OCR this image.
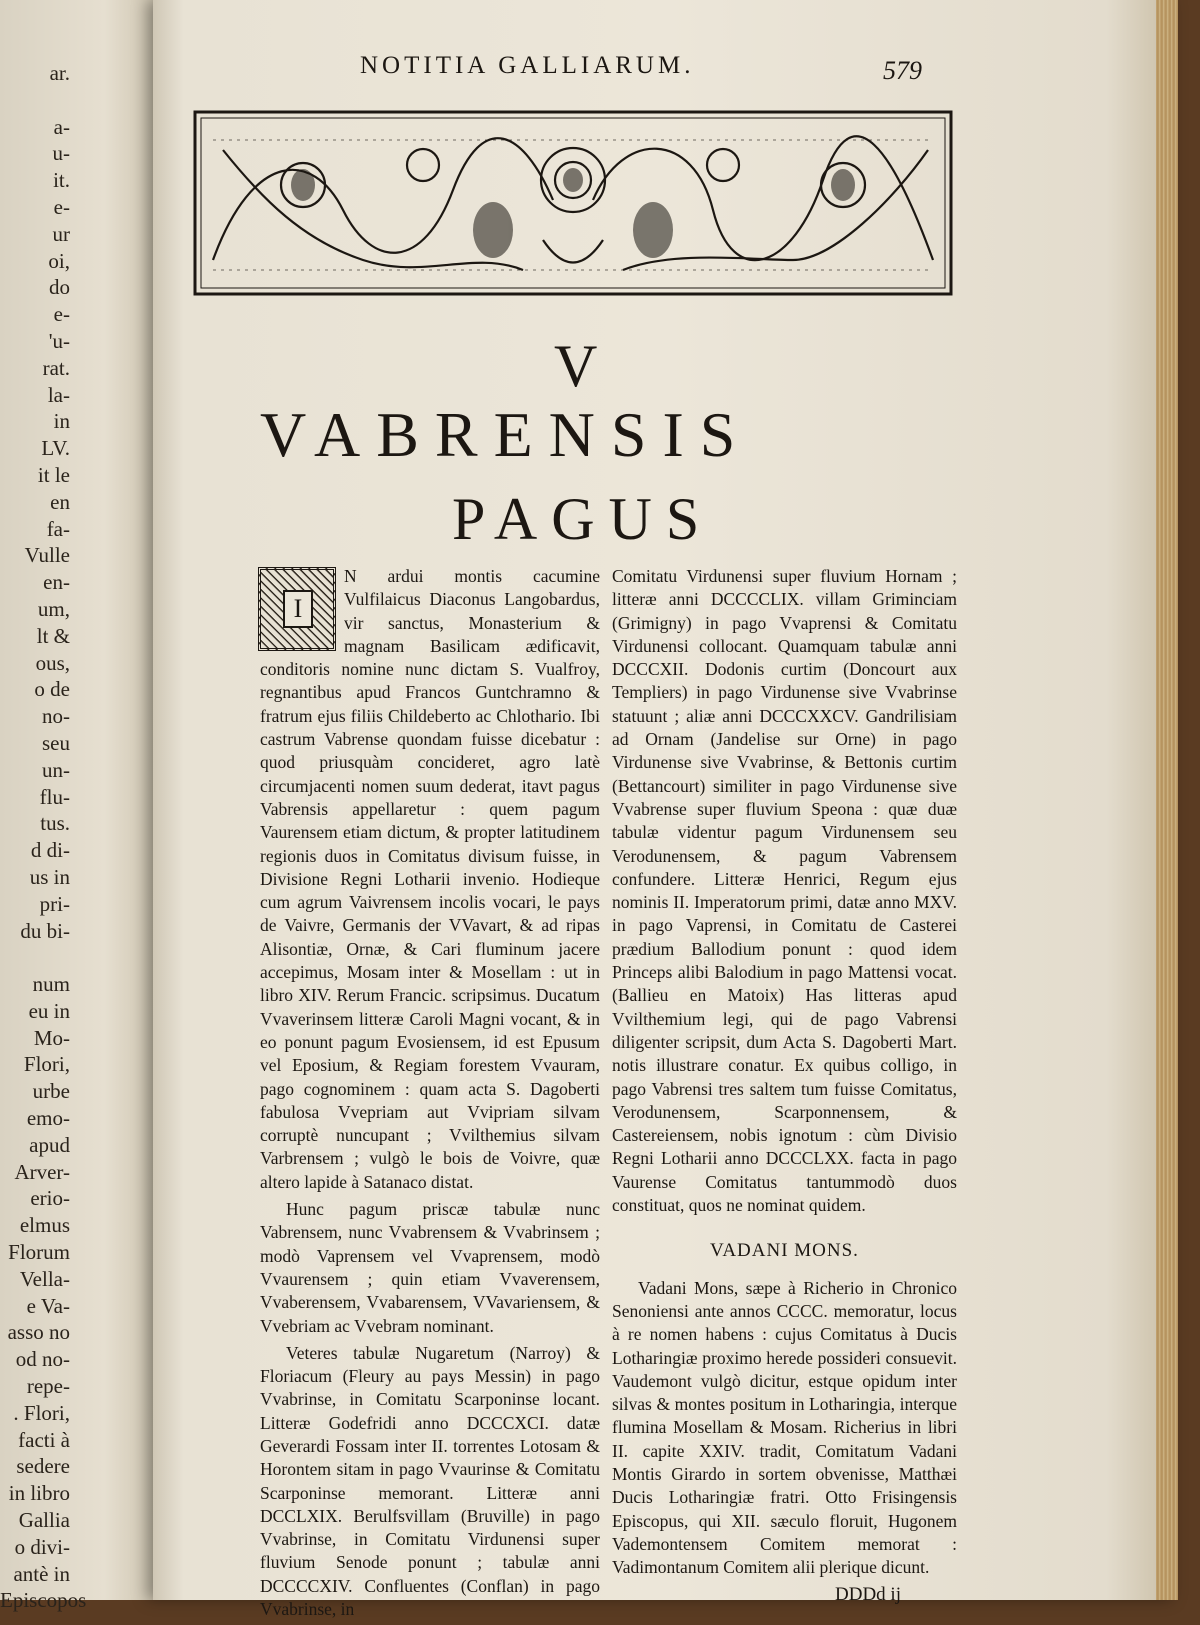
ar.
a-
u-
it.
e-
ur
oi,
do
e-
'u-
rat.
la-
in
LV.
it le
en
fa-
Vulle
en-
um,
lt &
ous,
o de
no-
seu
un-
flu-
tus.
d di-
us in
pri-
du bi-
num
eu in
Mo-
Flori,
urbe
emo-
apud
Arver-
erio-
elmus
Florum
Vella-
e Va-
asso no
od no-
repe-
. Flori,
facti à
sedere
in libro
Gallia
o divi-
antè in
Episcopos
NOTITIA GALLIARUM.	579
V
VABRENSIS
PAGUS
I

N ardui montis cacumine Vulfilaicus Diaconus Langobardus, vir sanctus, Monasterium & magnam Basilicam ædificavit, conditoris nomine nunc dictam S. Vualfroy, regnantibus apud Francos Guntchramno & fratrum ejus filiis Childeberto ac Chlothario. Ibi castrum Vabrense quondam fuisse dicebatur : quod priusquàm concideret, agro latè circumjacenti nomen suum dederat, itavt pagus Vabrensis appellaretur : quem pagum Vaurensem etiam dictum, & propter latitudinem regionis duos in Comitatus divisum fuisse, in Divisione Regni Lotharii invenio. Hodieque cum agrum Vaivrensem incolis vocari, le pays de Vaivre, Germanis der VVavart, & ad ripas Alisontiæ, Ornæ, & Cari fluminum jacere accepimus, Mosam inter & Mosellam : ut in libro XIV. Rerum Francic. scripsimus. Ducatum Vvaverinsem litteræ Caroli Magni vocant, & in eo ponunt pagum Evosiensem, id est Epusum vel Eposium, & Regiam forestem Vvauram, pago cognominem : quam acta S. Dagoberti fabulosa Vvepriam aut Vvipriam silvam corruptè nuncupant ; Vvilthemius silvam Varbrensem ; vulgò le bois de Voivre, quæ altero lapide à Satanaco distat.

Hunc pagum priscæ tabulæ nunc Vabrensem, nunc Vvabrensem & Vvabrinsem ; modò Vaprensem vel Vvaprensem, modò Vvaurensem ; quin etiam Vvaverensem, Vvaberensem, Vvabarensem, VVavariensem, & Vvebriam ac Vvebram nominant.

Veteres tabulæ Nugaretum (Narroy) & Floriacum (Fleury au pays Messin) in pago Vvabrinse, in Comitatu Scarponinse locant. Litteræ Godefridi anno DCCCXCI. datæ Geverardi Fossam inter II. torrentes Lotosam & Horontem sitam in pago Vvaurinse & Comitatu Scarponinse memorant. Litteræ anni DCCLXIX. Berulfsvillam (Bruville) in pago Vvabrinse, in Comitatu Virdunensi super fluvium Senode ponunt ; tabulæ anni DCCCCXIV. Confluentes (Conflan) in pago Vvabrinse, in

Comitatu Virdunensi super fluvium Hornam ; litteræ anni DCCCCLIX. villam Griminciam (Grimigny) in pago Vvaprensi & Comitatu Virdunensi collocant. Quamquam tabulæ anni DCCCXII. Dodonis curtim (Doncourt aux Templiers) in pago Virdunense sive Vvabrinse statuunt ; aliæ anni DCCCXXCV. Gandrilisiam ad Ornam (Jandelise sur Orne) in pago Virdunense sive Vvabrinse, & Bettonis curtim (Bettancourt) similiter in pago Virdunense sive Vvabrense super fluvium Speona : quæ duæ tabulæ videntur pagum Virdunensem seu Verodunensem, & pagum Vabrensem confundere. Litteræ Henrici, Regum ejus nominis II. Imperatorum primi, datæ anno MXV. in pago Vaprensi, in Comitatu de Casterei prædium Ballodium ponunt : quod idem Princeps alibi Balodium in pago Mattensi vocat. (Ballieu en Matoix) Has litteras apud Vvilthemium legi, qui de pago Vabrensi diligenter scripsit, dum Acta S. Dagoberti Mart. notis illustrare conatur. Ex quibus colligo, in pago Vabrensi tres saltem tum fuisse Comitatus, Verodunensem, Scarponnensem, & Castereiensem, nobis ignotum : cùm Divisio Regni Lotharii anno DCCCLXX. facta in pago Vaurense Comitatus tantummodò duos constituat, quos ne nominat quidem.

VADANI MONS.

Vadani Mons, sæpe à Richerio in Chronico Senoniensi ante annos CCCC. memoratur, locus à re nomen habens : cujus Comitatus à Ducis Lotharingiæ proximo herede possideri consuevit. Vaudemont vulgò dicitur, estque opidum inter silvas & montes positum in Lotharingia, interque flumina Mosellam & Mosam. Richerius in libri II. capite XXIV. tradit, Comitatum Vadani Montis Girardo in sortem obvenisse, Matthæi Ducis Lotharingiæ fratri. Otto Frisingensis Episcopus, qui XII. sæculo floruit, Hugonem Vademontensem Comitem memorat : Vadimontanum Comitem alii plerique dicunt.

DDDd ij
